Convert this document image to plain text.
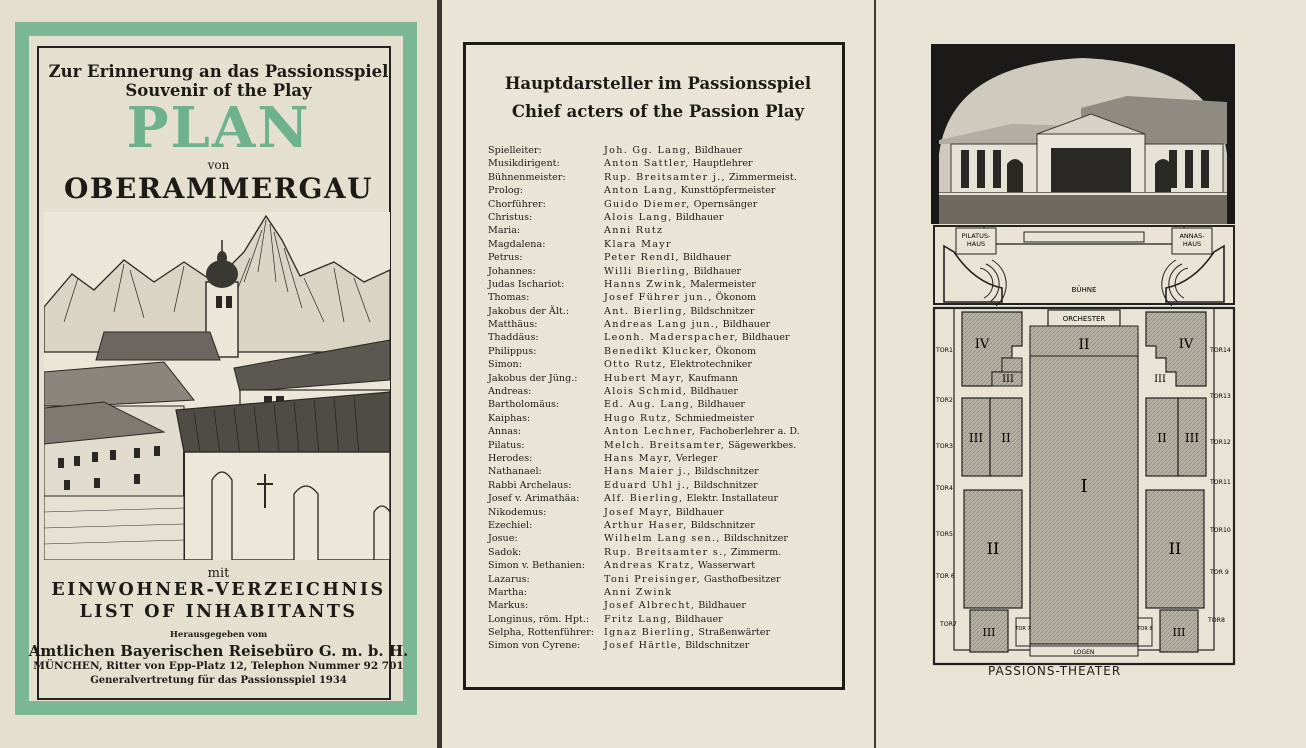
Zur Erinnerung an das Passionsspiel
Souvenir of the Play
PLAN
von
OBERAMMERGAU
mit
EINWOHNER-VERZEICHNIS
LIST OF INHABITANTS
Herausgegeben vom
Amtlichen Bayerischen Reisebüro G. m. b. H.
MÜNCHEN, Ritter von Epp-Platz 12, Telephon Nummer 92 701
Generalvertretung für das Passionsspiel 1934
Hauptdarsteller im Passionsspiel
Chief acters of the Passion Play
Spielleiter:	Joh. Gg. Lang, Bildhauer
Musikdirigent:	Anton Sattler, Hauptlehrer
Bühnenmeister:	Rup. Breitsamter j., Zimmermeist.
Prolog:	Anton Lang, Kunsttöpfermeister
Chorführer:	Guido Diemer, Opernsänger
Christus:	Alois Lang, Bildhauer
Maria:	Anni Rutz
Magdalena:	Klara Mayr
Petrus:	Peter Rendl, Bildhauer
Johannes:	Willi Bierling, Bildhauer
Judas Ischariot:	Hanns Zwink, Malermeister
Thomas:	Josef Führer jun., Ökonom
Jakobus der Ält.:	Ant. Bierling, Bildschnitzer
Matthäus:	Andreas Lang jun., Bildhauer
Thaddäus:	Leonh. Maderspacher, Bildhauer
Philippus:	Benedikt Klucker, Ökonom
Simon:	Otto Rutz, Elektrotechniker
Jakobus der Jüng.:	Hubert Mayr, Kaufmann
Andreas:	Alois Schmid, Bildhauer
Bartholomäus:	Ed. Aug. Lang, Bildhauer
Kaiphas:	Hugo Rutz, Schmiedmeister
Annas:	Anton Lechner, Fachoberlehrer a. D.
Pilatus:	Melch. Breitsamter, Sägewerkbes.
Herodes:	Hans Mayr, Verleger
Nathanael:	Hans Maier j., Bildschnitzer
Rabbi Archelaus:	Eduard Uhl j., Bildschnitzer
Josef v. Arimathäa:	Alf. Bierling, Elektr. Installateur
Nikodemus:	Josef Mayr, Bildhauer
Ezechiel:	Arthur Haser, Bildschnitzer
Josue:	Wilhelm Lang sen., Bildschnitzer
Sadok:	Rup. Breitsamter s., Zimmerm.
Simon v. Bethanien: Andreas Kratz, Wasserwart
Lazarus:	Toni Preisinger, Gasthofbesitzer
Martha:	Anni Zwink
Markus:	Josef Albrecht, Bildhauer
Longinus, röm. Hpt.: Fritz Lang, Bildhauer
Selpha, Rottenführer: Ignaz Bierling, Straßenwärter
Simon von Cyrene: Josef Härtle, Bildschnitzer
PILATUS-
HAUS
ANNAS-
HAUS
BÜHNE
ORCHESTER
I
II
IV
III
IV
III
III II	II III
II	II
III	III
TOR 7	TOR 8
LOGEN
TOR1
TOR2
TOR3
TOR4
TOR5
TOR 6
TOR7
TOR14
TOR13
TOR12
TOR11
TOR10
TOR 9
TOR8
PASSIONS-THEATER
